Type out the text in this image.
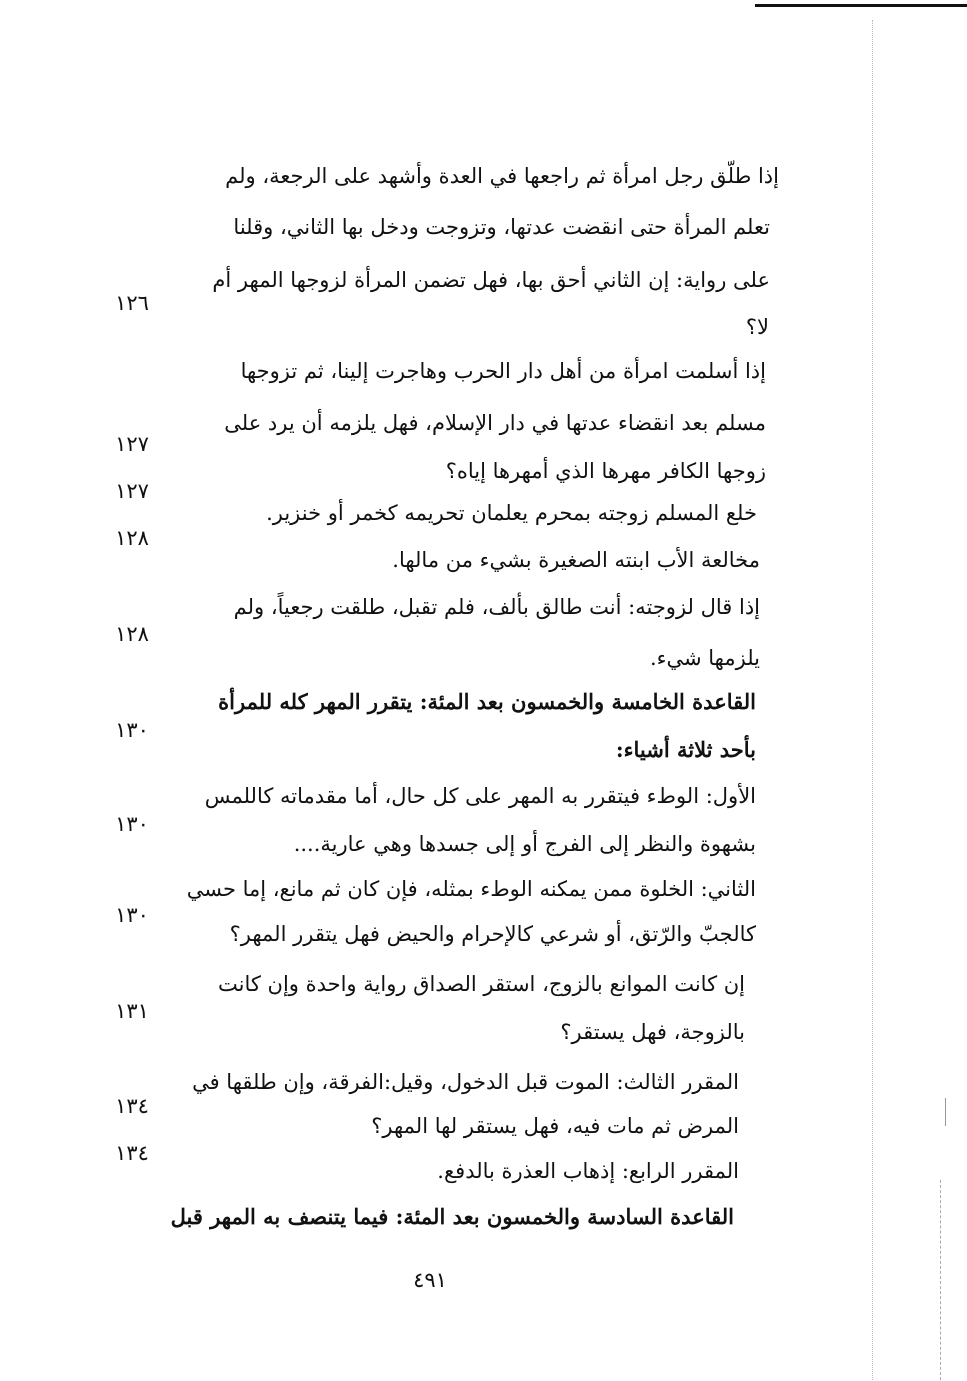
إذا طلّق رجل امرأة ثم راجعها في العدة وأشهد على الرجعة، ولم
تعلم المرأة حتى انقضت عدتها، وتزوجت ودخل بها الثاني، وقلنا
على رواية: إن الثاني أحق بها، فهل تضمن المرأة لزوجها المهر أم
لا؟
إذا أسلمت امرأة من أهل دار الحرب وهاجرت إلينا، ثم تزوجها
مسلم بعد انقضاء عدتها في دار الإسلام، فهل يلزمه أن يرد على
زوجها الكافر مهرها الذي أمهرها إياه؟
خلع المسلم زوجته بمحرم يعلمان تحريمه كخمر أو خنزير.
مخالعة الأب ابنته الصغيرة بشيء من مالها.
إذا قال لزوجته: أنت طالق بألف، فلم تقبل، طلقت رجعياً، ولم
يلزمها شيء.
القاعدة الخامسة والخمسون بعد المئة: يتقرر المهر كله للمرأة
بأحد ثلاثة أشياء:
الأول: الوطء فيتقرر به المهر على كل حال، أما مقدماته كاللمس
بشهوة والنظر إلى الفرج أو إلى جسدها وهي عارية....
الثاني: الخلوة ممن يمكنه الوطء بمثله، فإن كان ثم مانع، إما حسي
كالجبّ والرّتق، أو شرعي كالإحرام والحيض فهل يتقرر المهر؟
إن كانت الموانع بالزوج، استقر الصداق رواية واحدة وإن كانت
بالزوجة، فهل يستقر؟
المقرر الثالث: الموت قبل الدخول، وقيل:الفرقة، وإن طلقها في
المرض ثم مات فيه، فهل يستقر لها المهر؟
المقرر الرابع: إذهاب العذرة بالدفع.
القاعدة السادسة والخمسون بعد المئة: فيما يتنصف به المهر قبل
١٢٦
١٢٧
١٢٧
١٢٨
١٢٨
١٣٠
١٣٠
١٣٠
١٣١
١٣٤
١٣٤
٤٩١
